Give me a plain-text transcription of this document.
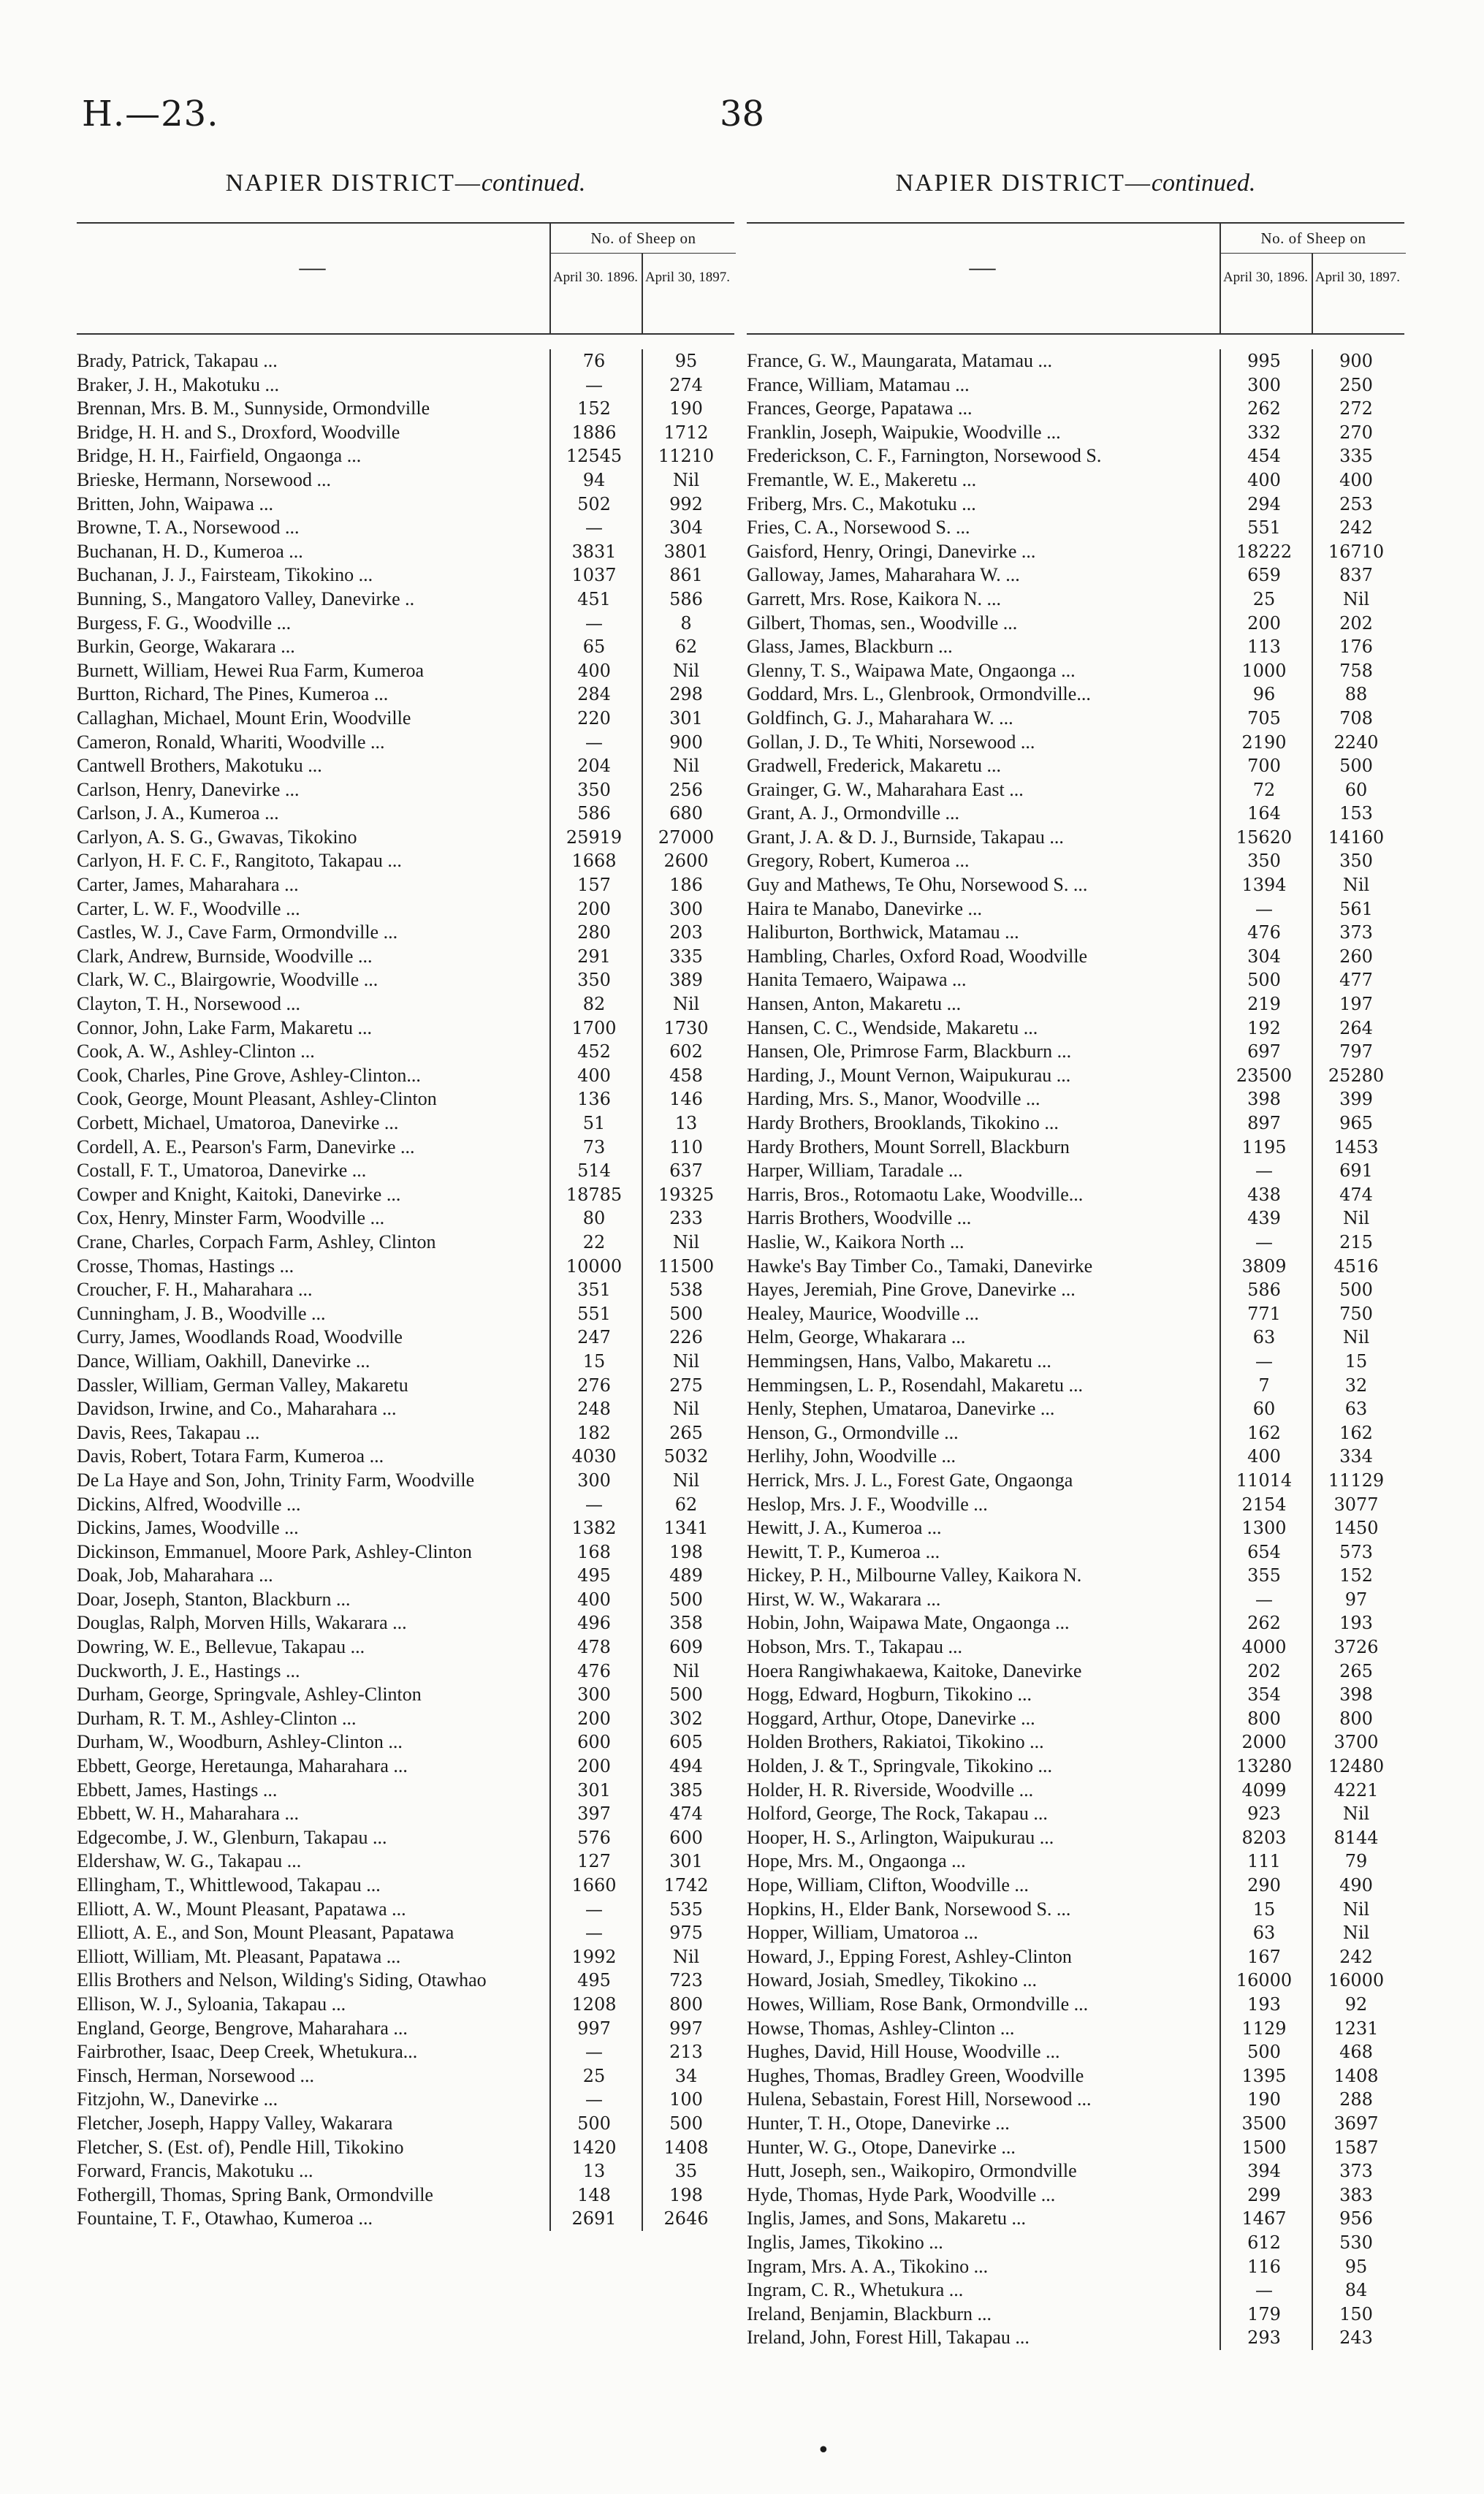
H.—23.	38
NAPIER DISTRICT—continued.
—
No. of Sheep on
April 30. 1896. April 30, 1897.
Brady, Patrick, Takapau ...	76	95
Braker, J. H., Makotuku ...	—	274
Brennan, Mrs. B. M., Sunnyside, Ormondville	152	190
Bridge, H. H. and S., Droxford, Woodville	1886	1712
Bridge, H. H., Fairfield, Ongaonga ...	12545	11210
Brieske, Hermann, Norsewood ...	94	Nil
Britten, John, Waipawa ...	502	992
Browne, T. A., Norsewood ...	—	304
Buchanan, H. D., Kumeroa ...	3831	3801
Buchanan, J. J., Fairsteam, Tikokino ...	1037	861
Bunning, S., Mangatoro Valley, Danevirke ..	451	586
Burgess, F. G., Woodville ...	—	8
Burkin, George, Wakarara ...	65	62
Burnett, William, Hewei Rua Farm, Kumeroa	400	Nil
Burtton, Richard, The Pines, Kumeroa ...	284	298
Callaghan, Michael, Mount Erin, Woodville	220	301
Cameron, Ronald, Whariti, Woodville ...	—	900
Cantwell Brothers, Makotuku ...	204	Nil
Carlson, Henry, Danevirke ...	350	256
Carlson, J. A., Kumeroa ...	586	680
Carlyon, A. S. G., Gwavas, Tikokino	25919	27000
Carlyon, H. F. C. F., Rangitoto, Takapau ...	1668	2600
Carter, James, Maharahara ...	157	186
Carter, L. W. F., Woodville ...	200	300
Castles, W. J., Cave Farm, Ormondville ...	280	203
Clark, Andrew, Burnside, Woodville ...	291	335
Clark, W. C., Blairgowrie, Woodville ...	350	389
Clayton, T. H., Norsewood ...	82	Nil
Connor, John, Lake Farm, Makaretu ...	1700	1730
Cook, A. W., Ashley-Clinton ...	452	602
Cook, Charles, Pine Grove, Ashley-Clinton...	400	458
Cook, George, Mount Pleasant, Ashley-Clinton	136	146
Corbett, Michael, Umatoroa, Danevirke ...	51	13
Cordell, A. E., Pearson's Farm, Danevirke ...	73	110
Costall, F. T., Umatoroa, Danevirke ...	514	637
Cowper and Knight, Kaitoki, Danevirke ...	18785	19325
Cox, Henry, Minster Farm, Woodville ...	80	233
Crane, Charles, Corpach Farm, Ashley, Clinton	22	Nil
Crosse, Thomas, Hastings ...	10000	11500
Croucher, F. H., Maharahara ...	351	538
Cunningham, J. B., Woodville ...	551	500
Curry, James, Woodlands Road, Woodville	247	226
Dance, William, Oakhill, Danevirke ...	15	Nil
Dassler, William, German Valley, Makaretu	276	275
Davidson, Irwine, and Co., Maharahara ...	248	Nil
Davis, Rees, Takapau ...	182	265
Davis, Robert, Totara Farm, Kumeroa ...	4030	5032
De La Haye and Son, John, Trinity Farm, Woodville	300	Nil
Dickins, Alfred, Woodville ...	—	62
Dickins, James, Woodville ...	1382	1341
Dickinson, Emmanuel, Moore Park, Ashley-Clinton	168	198
Doak, Job, Maharahara ...	495	489
Doar, Joseph, Stanton, Blackburn ...	400	500
Douglas, Ralph, Morven Hills, Wakarara ...	496	358
Dowring, W. E., Bellevue, Takapau ...	478	609
Duckworth, J. E., Hastings ...	476	Nil
Durham, George, Springvale, Ashley-Clinton	300	500
Durham, R. T. M., Ashley-Clinton ...	200	302
Durham, W., Woodburn, Ashley-Clinton ...	600	605
Ebbett, George, Heretaunga, Maharahara ...	200	494
Ebbett, James, Hastings ...	301	385
Ebbett, W. H., Maharahara ...	397	474
Edgecombe, J. W., Glenburn, Takapau ...	576	600
Eldershaw, W. G., Takapau ...	127	301
Ellingham, T., Whittlewood, Takapau ...	1660	1742
Elliott, A. W., Mount Pleasant, Papatawa ...	—	535
Elliott, A. E., and Son, Mount Pleasant, Papatawa	—	975
Elliott, William, Mt. Pleasant, Papatawa ...	1992	Nil
Ellis Brothers and Nelson, Wilding's Siding, Otawhao	495	723
Ellison, W. J., Syloania, Takapau ...	1208	800
England, George, Bengrove, Maharahara ...	997	997
Fairbrother, Isaac, Deep Creek, Whetukura...	—	213
Finsch, Herman, Norsewood ...	25	34
Fitzjohn, W., Danevirke ...	—	100
Fletcher, Joseph, Happy Valley, Wakarara	500	500
Fletcher, S. (Est. of), Pendle Hill, Tikokino	1420	1408
Forward, Francis, Makotuku ...	13	35
Fothergill, Thomas, Spring Bank, Ormondville	148	198
Fountaine, T. F., Otawhao, Kumeroa ...	2691	2646
NAPIER DISTRICT—continued.
—
No. of Sheep on
April 30, 1896. April 30, 1897.
France, G. W., Maungarata, Matamau ...	995	900
France, William, Matamau ...	300	250
Frances, George, Papatawa ...	262	272
Franklin, Joseph, Waipukie, Woodville ...	332	270
Frederickson, C. F., Farnington, Norsewood S.	454	335
Fremantle, W. E., Makeretu ...	400	400
Friberg, Mrs. C., Makotuku ...	294	253
Fries, C. A., Norsewood S. ...	551	242
Gaisford, Henry, Oringi, Danevirke ...	18222	16710
Galloway, James, Maharahara W. ...	659	837
Garrett, Mrs. Rose, Kaikora N. ...	25	Nil
Gilbert, Thomas, sen., Woodville ...	200	202
Glass, James, Blackburn ...	113	176
Glenny, T. S., Waipawa Mate, Ongaonga ...	1000	758
Goddard, Mrs. L., Glenbrook, Ormondville...	96	88
Goldfinch, G. J., Maharahara W. ...	705	708
Gollan, J. D., Te Whiti, Norsewood ...	2190	2240
Gradwell, Frederick, Makaretu ...	700	500
Grainger, G. W., Maharahara East ...	72	60
Grant, A. J., Ormondville ...	164	153
Grant, J. A. & D. J., Burnside, Takapau ...	15620	14160
Gregory, Robert, Kumeroa ...	350	350
Guy and Mathews, Te Ohu, Norsewood S. ...	1394	Nil
Haira te Manabo, Danevirke ...	—	561
Haliburton, Borthwick, Matamau ...	476	373
Hambling, Charles, Oxford Road, Woodville	304	260
Hanita Temaero, Waipawa ...	500	477
Hansen, Anton, Makaretu ...	219	197
Hansen, C. C., Wendside, Makaretu ...	192	264
Hansen, Ole, Primrose Farm, Blackburn ...	697	797
Harding, J., Mount Vernon, Waipukurau ...	23500	25280
Harding, Mrs. S., Manor, Woodville ...	398	399
Hardy Brothers, Brooklands, Tikokino ...	897	965
Hardy Brothers, Mount Sorrell, Blackburn	1195	1453
Harper, William, Taradale ...	—	691
Harris, Bros., Rotomaotu Lake, Woodville...	438	474
Harris Brothers, Woodville ...	439	Nil
Haslie, W., Kaikora North ...	—	215
Hawke's Bay Timber Co., Tamaki, Danevirke	3809	4516
Hayes, Jeremiah, Pine Grove, Danevirke ...	586	500
Healey, Maurice, Woodville ...	771	750
Helm, George, Whakarara ...	63	Nil
Hemmingsen, Hans, Valbo, Makaretu ...	—	15
Hemmingsen, L. P., Rosendahl, Makaretu ...	7	32
Henly, Stephen, Umataroa, Danevirke ...	60	63
Henson, G., Ormondville ...	162	162
Herlihy, John, Woodville ...	400	334
Herrick, Mrs. J. L., Forest Gate, Ongaonga	11014	11129
Heslop, Mrs. J. F., Woodville ...	2154	3077
Hewitt, J. A., Kumeroa ...	1300	1450
Hewitt, T. P., Kumeroa ...	654	573
Hickey, P. H., Milbourne Valley, Kaikora N.	355	152
Hirst, W. W., Wakarara ...	—	97
Hobin, John, Waipawa Mate, Ongaonga ...	262	193
Hobson, Mrs. T., Takapau ...	4000	3726
Hoera Rangiwhakaewa, Kaitoke, Danevirke	202	265
Hogg, Edward, Hogburn, Tikokino ...	354	398
Hoggard, Arthur, Otope, Danevirke ...	800	800
Holden Brothers, Rakiatoi, Tikokino ...	2000	3700
Holden, J. & T., Springvale, Tikokino ...	13280	12480
Holder, H. R. Riverside, Woodville ...	4099	4221
Holford, George, The Rock, Takapau ...	923	Nil
Hooper, H. S., Arlington, Waipukurau ...	8203	8144
Hope, Mrs. M., Ongaonga ...	111	79
Hope, William, Clifton, Woodville ...	290	490
Hopkins, H., Elder Bank, Norsewood S. ...	15	Nil
Hopper, William, Umatoroa ...	63	Nil
Howard, J., Epping Forest, Ashley-Clinton	167	242
Howard, Josiah, Smedley, Tikokino ...	16000	16000
Howes, William, Rose Bank, Ormondville ...	193	92
Howse, Thomas, Ashley-Clinton ...	1129	1231
Hughes, David, Hill House, Woodville ...	500	468
Hughes, Thomas, Bradley Green, Woodville	1395	1408
Hulena, Sebastain, Forest Hill, Norsewood ...	190	288
Hunter, T. H., Otope, Danevirke ...	3500	3697
Hunter, W. G., Otope, Danevirke ...	1500	1587
Hutt, Joseph, sen., Waikopiro, Ormondville	394	373
Hyde, Thomas, Hyde Park, Woodville ...	299	383
Inglis, James, and Sons, Makaretu ...	1467	956
Inglis, James, Tikokino ...	612	530
Ingram, Mrs. A. A., Tikokino ...	116	95
Ingram, C. R., Whetukura ...	—	84
Ireland, Benjamin, Blackburn ...	179	150
Ireland, John, Forest Hill, Takapau ...	293	243
•
